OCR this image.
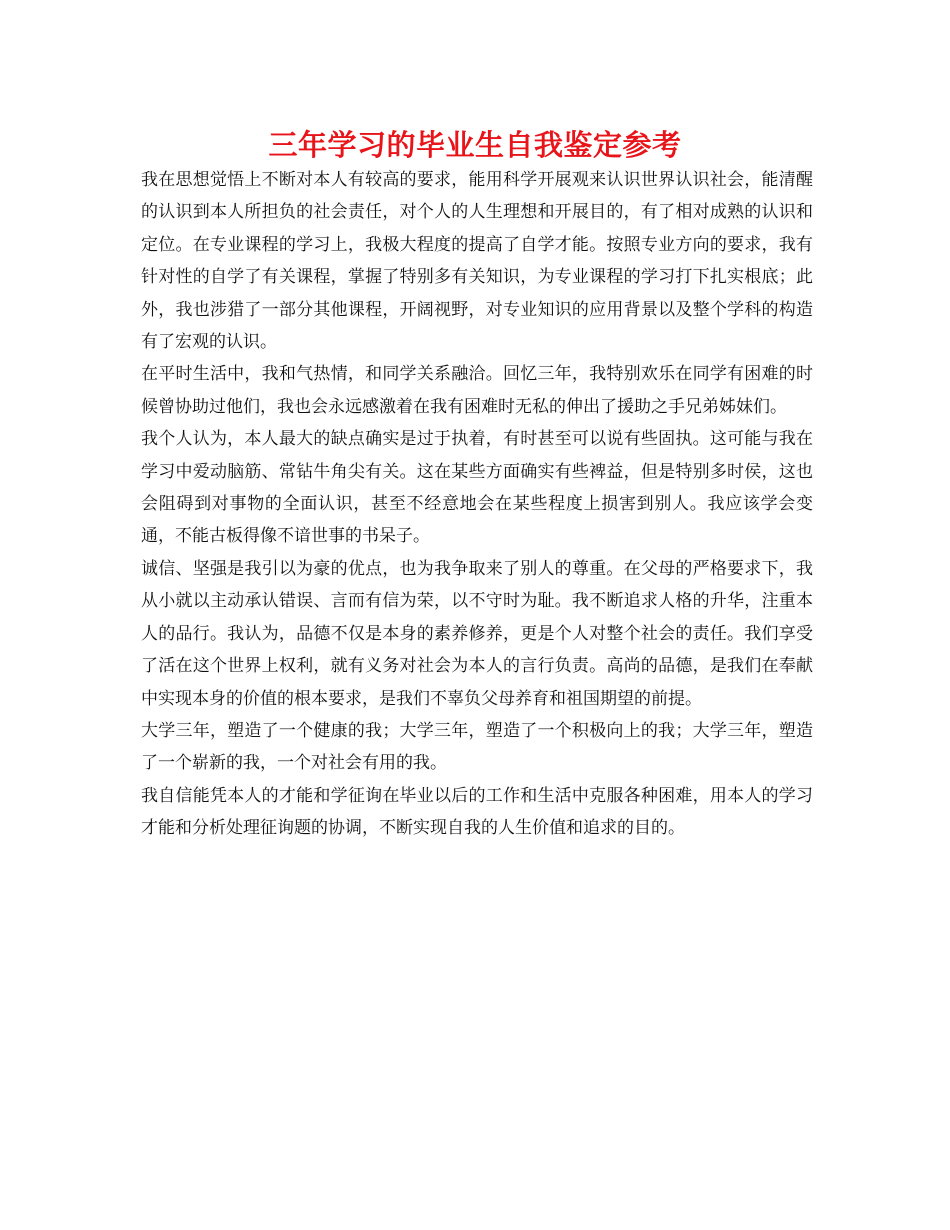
三年学习的毕业生自我鉴定参考

我在思想觉悟上不断对本人有较高的要求，能用科学开展观来认识世界认识社会，能清醒的认识到本人所担负的社会责任，对个人的人生理想和开展目的，有了相对成熟的认识和定位。在专业课程的学习上，我极大程度的提高了自学才能。按照专业方向的要求，我有针对性的自学了有关课程，掌握了特别多有关知识，为专业课程的学习打下扎实根底；此外，我也涉猎了一部分其他课程，开阔视野，对专业知识的应用背景以及整个学科的构造有了宏观的认识。

在平时生活中，我和气热情，和同学关系融洽。回忆三年，我特别欢乐在同学有困难的时候曾协助过他们，我也会永远感激着在我有困难时无私的伸出了援助之手兄弟姊妹们。

我个人认为，本人最大的缺点确实是过于执着，有时甚至可以说有些固执。这可能与我在学习中爱动脑筋、常钻牛角尖有关。这在某些方面确实有些裨益，但是特别多时侯，这也会阻碍到对事物的全面认识，甚至不经意地会在某些程度上损害到别人。我应该学会变通，不能古板得像不谙世事的书呆子。

诚信、坚强是我引以为豪的优点，也为我争取来了别人的尊重。在父母的严格要求下，我从小就以主动承认错误、言而有信为荣，以不守时为耻。我不断追求人格的升华，注重本人的品行。我认为，品德不仅是本身的素养修养，更是个人对整个社会的责任。我们享受了活在这个世界上权利，就有义务对社会为本人的言行负责。高尚的品德，是我们在奉献中实现本身的价值的根本要求，是我们不辜负父母养育和祖国期望的前提。

大学三年，塑造了一个健康的我；大学三年，塑造了一个积极向上的我；大学三年，塑造了一个崭新的我，一个对社会有用的我。

我自信能凭本人的才能和学征询在毕业以后的工作和生活中克服各种困难，用本人的学习才能和分析处理征询题的协调，不断实现自我的人生价值和追求的目的。
